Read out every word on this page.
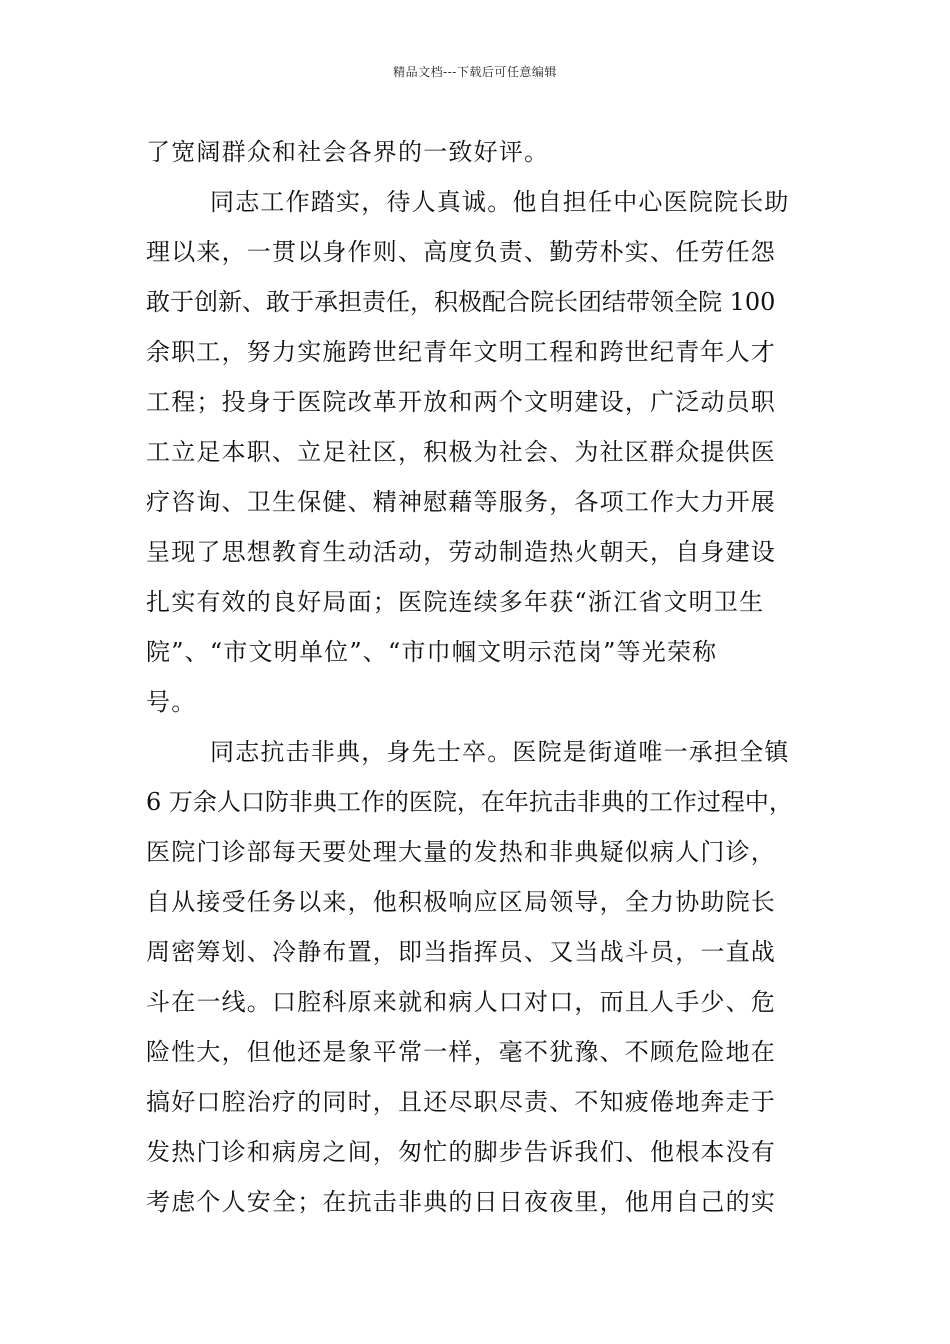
精品文档---下载后可任意编辑
了宽阔群众和社会各界的一致好评。
同志工作踏实，待人真诚。他自担任中心医院院长助
理以来，一贯以身作则、高度负责、勤劳朴实、任劳任怨
敢于创新、敢于承担责任，积极配合院长团结带领全院 100
余职工，努力实施跨世纪青年文明工程和跨世纪青年人才
工程；投身于医院改革开放和两个文明建设，广泛动员职
工立足本职、立足社区，积极为社会、为社区群众提供医
疗咨询、卫生保健、精神慰藉等服务，各项工作大力开展
呈现了思想教育生动活动，劳动制造热火朝天，自身建设
扎实有效的良好局面；医院连续多年获“浙江省文明卫生
院”、“市文明单位”、“市巾帼文明示范岗”等光荣称
号。
同志抗击非典，身先士卒。医院是街道唯一承担全镇
6 万余人口防非典工作的医院，在年抗击非典的工作过程中，
医院门诊部每天要处理大量的发热和非典疑似病人门诊，
自从接受任务以来，他积极响应区局领导，全力协助院长
周密筹划、冷静布置，即当指挥员、又当战斗员，一直战
斗在一线。口腔科原来就和病人口对口，而且人手少、危
险性大，但他还是象平常一样，毫不犹豫、不顾危险地在
搞好口腔治疗的同时，且还尽职尽责、不知疲倦地奔走于
发热门诊和病房之间，匆忙的脚步告诉我们、他根本没有
考虑个人安全；在抗击非典的日日夜夜里，他用自己的实
